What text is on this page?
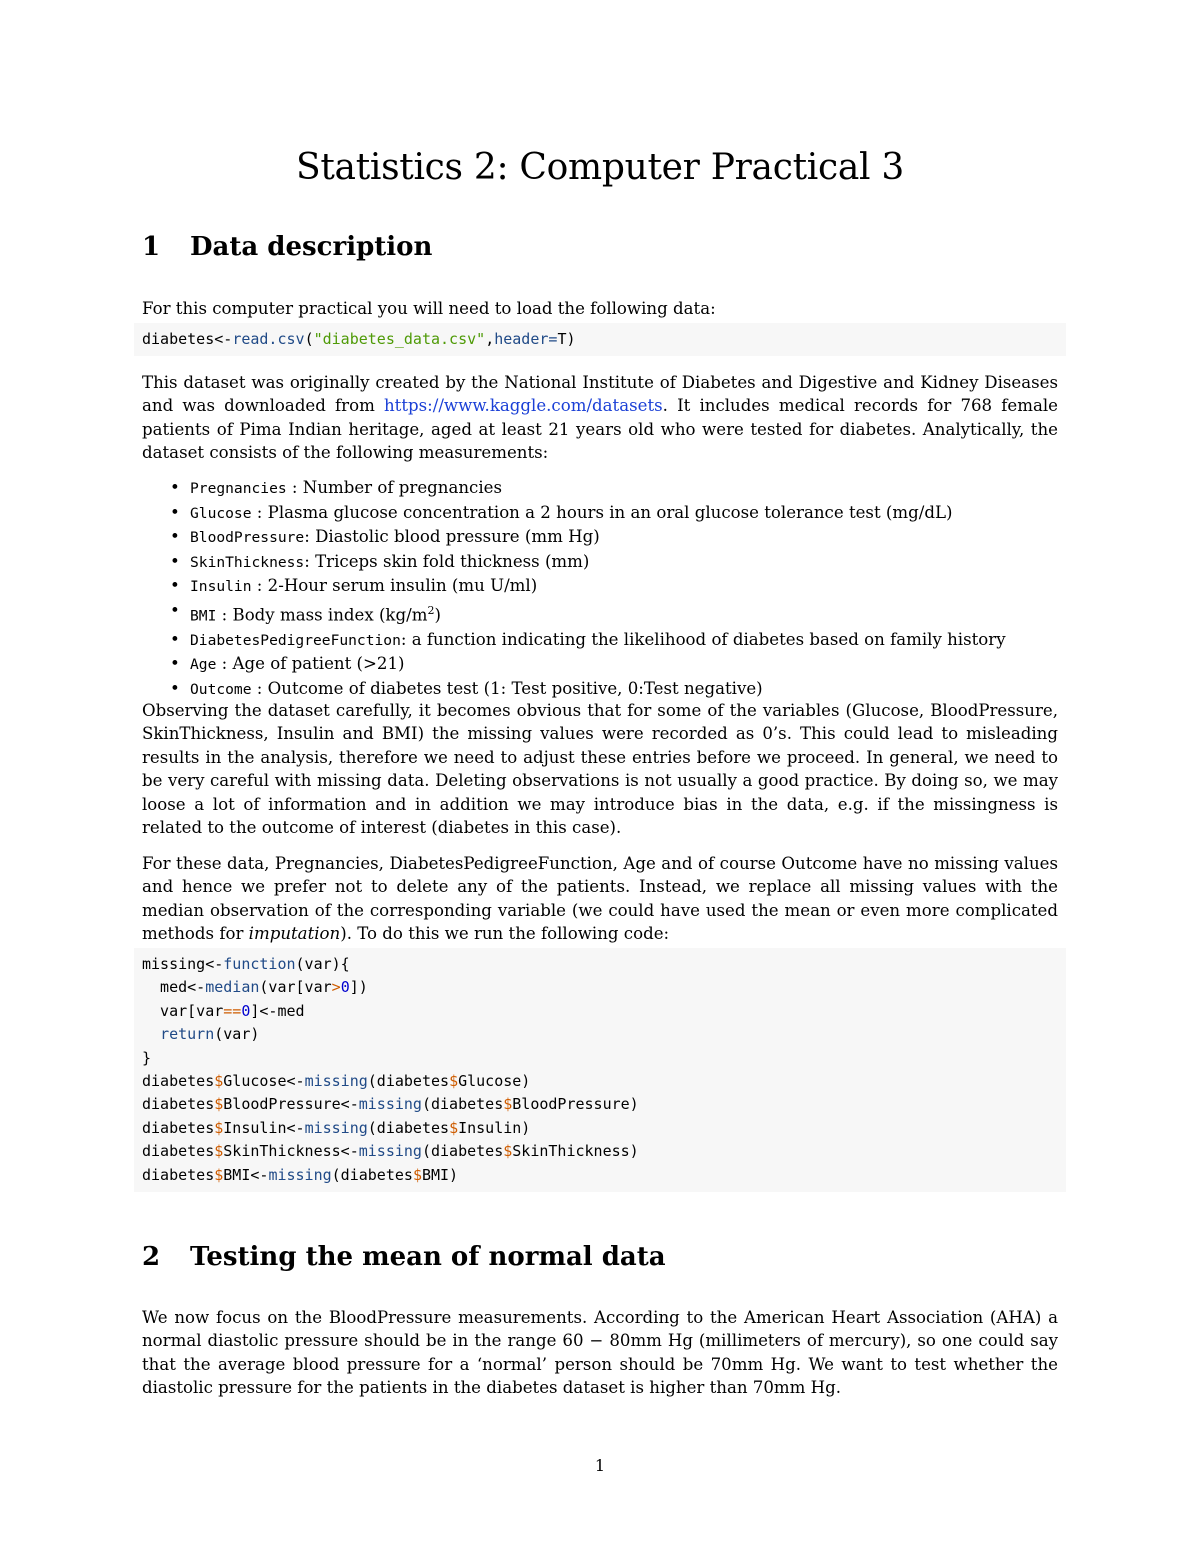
Statistics 2: Computer Practical 3
1 Data description

For this computer practical you will need to load the following data:

diabetes<-read.csv("diabetes_data.csv",header=T)

This dataset was originally created by the National Institute of Diabetes and Digestive and Kidney Diseases and was downloaded from https://www.kaggle.com/datasets. It includes medical records for 768 female patients of Pima Indian heritage, aged at least 21 years old who were tested for diabetes. Analytically, the dataset consists of the following measurements:

• Pregnancies : Number of pregnancies
• Glucose : Plasma glucose concentration a 2 hours in an oral glucose tolerance test (mg/dL)
• BloodPressure: Diastolic blood pressure (mm Hg)
• SkinThickness: Triceps skin fold thickness (mm)
• Insulin : 2-Hour serum insulin (mu U/ml)
• BMI : Body mass index $(kg/m^2)$
• DiabetesPedigreeFunction: a function indicating the likelihood of diabetes based on family history
• Age : Age of patient (>21)
• Outcome : Outcome of diabetes test (1: Test positive, 0:Test negative)

Observing the dataset carefully, it becomes obvious that for some of the variables (Glucose, BloodPressure, SkinThickness, Insulin and BMI) the missing values were recorded as 0’s. This could lead to misleading results in the analysis, therefore we need to adjust these entries before we proceed. In general, we need to be very careful with missing data. Deleting observations is not usually a good practice. By doing so, we may loose a lot of information and in addition we may introduce bias in the data, e.g. if the missingness is related to the outcome of interest (diabetes in this case).

For these data, Pregnancies, DiabetesPedigreeFunction, Age and of course Outcome have no missing values and hence we prefer not to delete any of the patients. Instead, we replace all missing values with the median observation of the corresponding variable (we could have used the mean or even more complicated methods for imputation). To do this we run the following code:

missing<-function(var){
med<-median(var[var>0])
var[var==0]<-med
return(var)
}
diabetes$Glucose<-missing(diabetes$Glucose)
diabetes$BloodPressure<-missing(diabetes$BloodPressure)
diabetes$Insulin<-missing(diabetes$Insulin)
diabetes$SkinThickness<-missing(diabetes$SkinThickness)
diabetes$BMI<-missing(diabetes$BMI)
2 Testing the mean of normal data

We now focus on the BloodPressure measurements. According to the American Heart Association (AHA) a normal diastolic pressure should be in the range 60 − 80mm Hg (millimeters of mercury), so one could say that the average blood pressure for a ‘normal’ person should be 70mm Hg. We want to test whether the diastolic pressure for the patients in the diabetes dataset is higher than 70mm Hg.

1
